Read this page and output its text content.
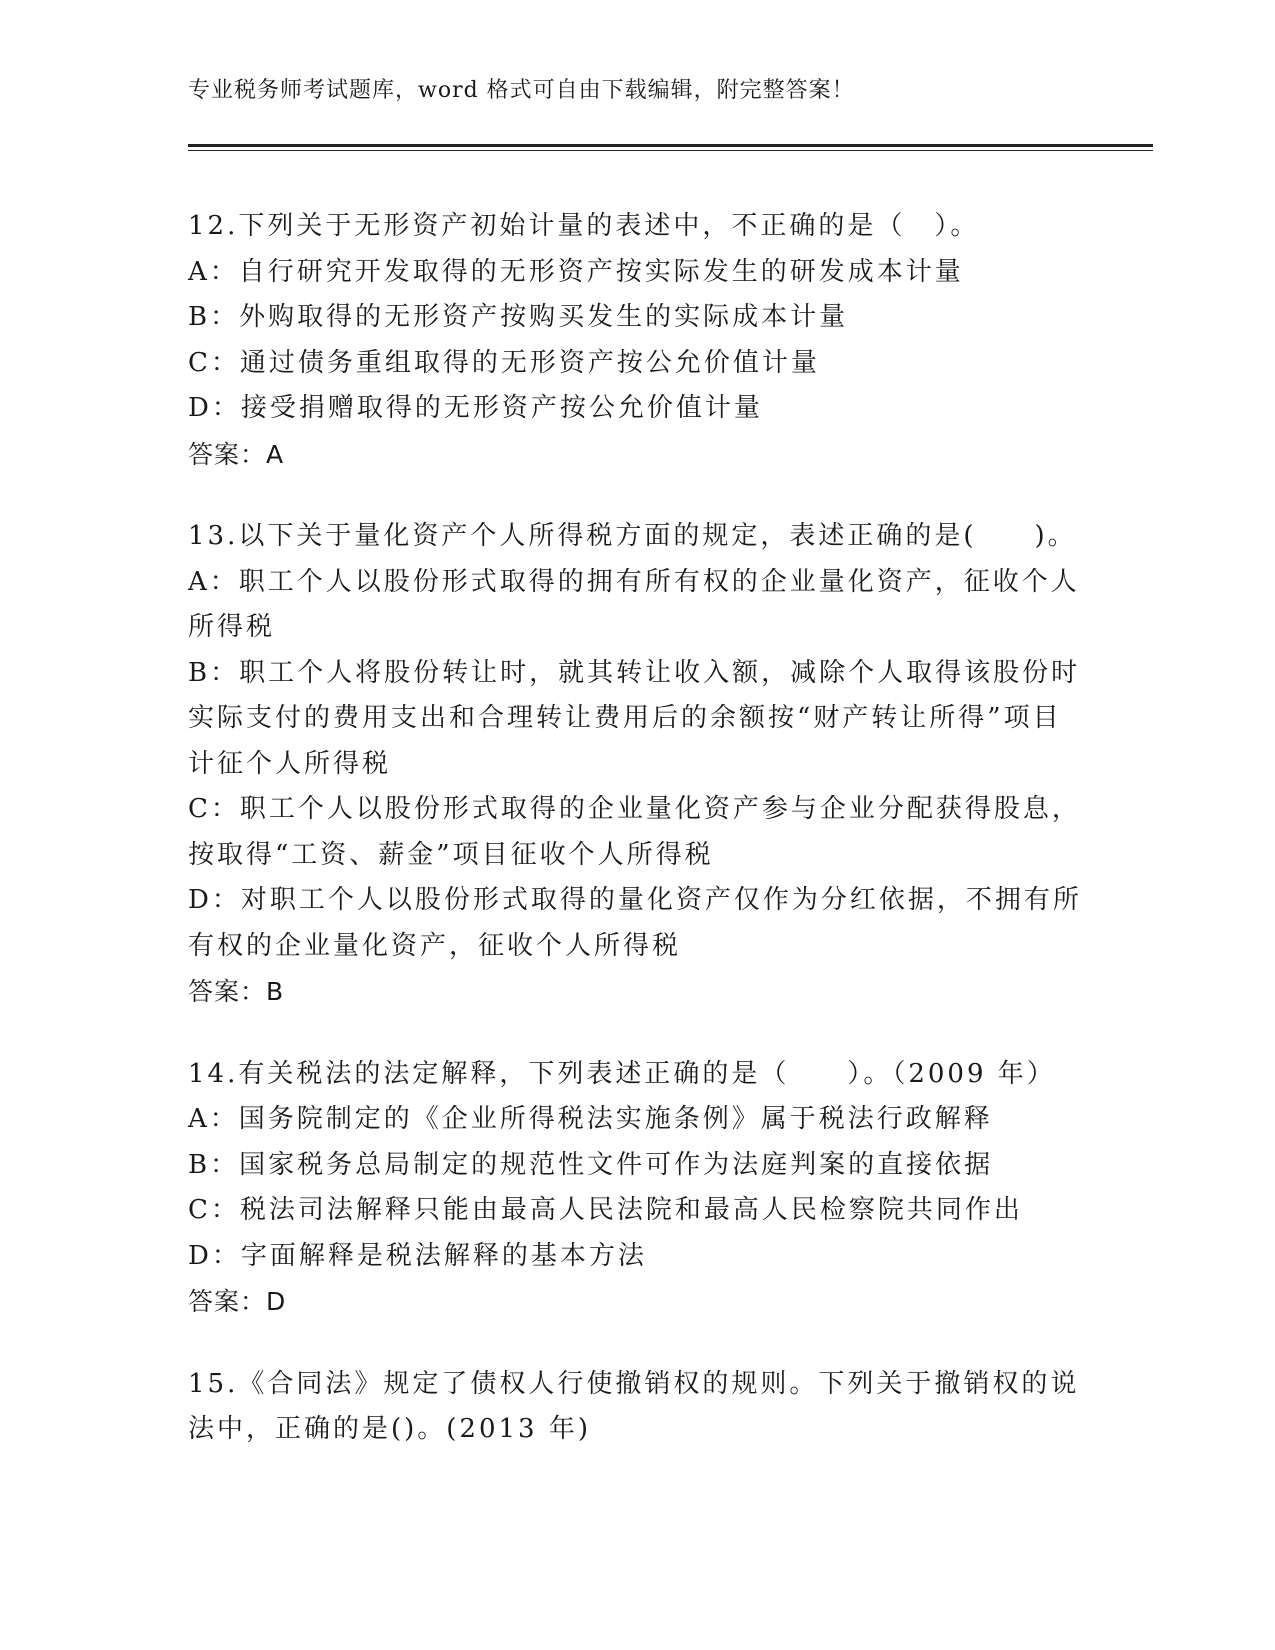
专业税务师考试题库，word 格式可自由下载编辑，附完整答案！

12.下列关于无形资产初始计量的表述中，不正确的是（　）。

A：自行研究开发取得的无形资产按实际发生的研发成本计量

B：外购取得的无形资产按购买发生的实际成本计量

C：通过债务重组取得的无形资产按公允价值计量

D：接受捐赠取得的无形资产按公允价值计量

答案：A

13.以下关于量化资产个人所得税方面的规定，表述正确的是(　　)。

A：职工个人以股份形式取得的拥有所有权的企业量化资产，征收个人所得税

B：职工个人将股份转让时，就其转让收入额，减除个人取得该股份时实际支付的费用支出和合理转让费用后的余额按“财产转让所得”项目计征个人所得税

C：职工个人以股份形式取得的企业量化资产参与企业分配获得股息，按取得“工资、薪金”项目征收个人所得税

D：对职工个人以股份形式取得的量化资产仅作为分红依据，不拥有所有权的企业量化资产，征收个人所得税

答案：B

14.有关税法的法定解释，下列表述正确的是（　　）。（2009 年）

A：国务院制定的《企业所得税法实施条例》属于税法行政解释

B：国家税务总局制定的规范性文件可作为法庭判案的直接依据

C：税法司法解释只能由最高人民法院和最高人民检察院共同作出

D：字面解释是税法解释的基本方法

答案：D

15.《合同法》规定了债权人行使撤销权的规则。下列关于撤销权的说法中，正确的是()。(2013 年)
